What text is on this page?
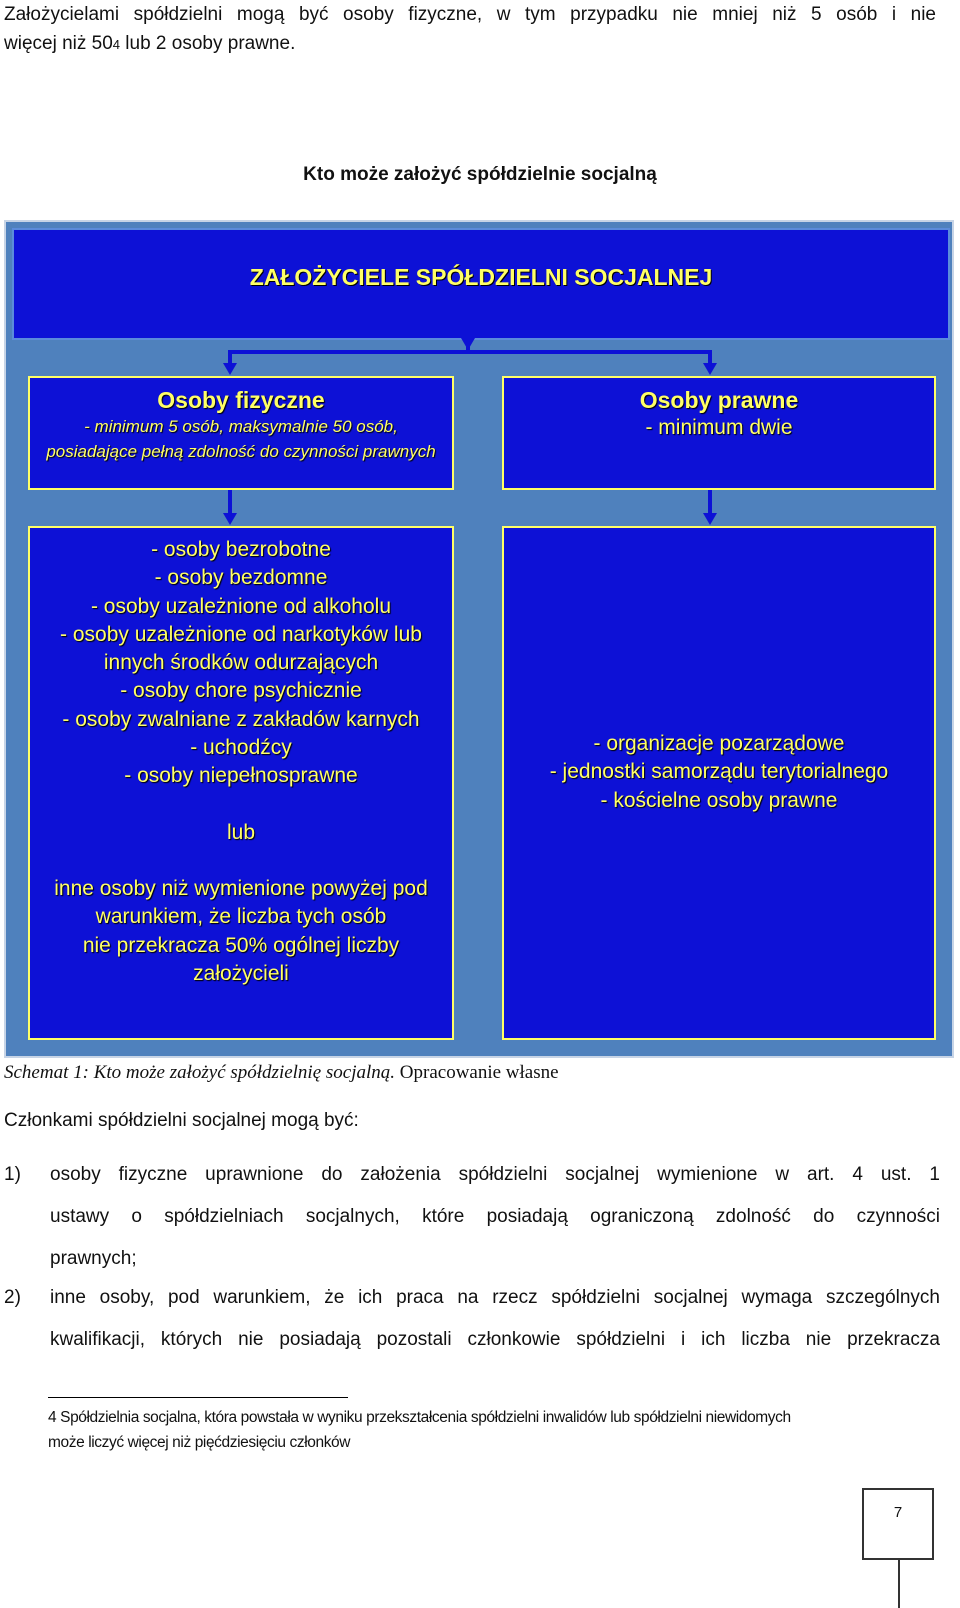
Założycielami spółdzielni mogą być osoby fizyczne, w tym przypadku nie mniej niż 5 osób i nie
więcej niż 504 lub 2 osoby prawne.
Kto może założyć spółdzielnie socjalną
ZAŁOŻYCIELE SPÓŁDZIELNI SOCJALNEJ
Osoby fizyczne
- minimum 5 osób, maksymalnie 50 osób,
posiadające pełną zdolność do czynności prawnych
Osoby prawne
- minimum dwie
- osoby bezrobotne
- osoby bezdomne
- osoby uzależnione od alkoholu
- osoby uzależnione od narkotyków lub
innych środków odurzających
- osoby chore psychicznie
- osoby zwalniane z zakładów karnych
- uchodźcy
- osoby niepełnosprawne
lub
inne osoby niż wymienione powyżej pod
warunkiem, że liczba tych osób
nie przekracza 50% ogólnej liczby
założycieli
- organizacje pozarządowe
- jednostki samorządu terytorialnego
- kościelne osoby prawne
Schemat 1: Kto może założyć spółdzielnię socjalną. Opracowanie własne
Członkami spółdzielni socjalnej mogą być:
1) osoby fizyczne uprawnione do założenia spółdzielni socjalnej wymienione w art. 4 ust. 1
ustawy o spółdzielniach socjalnych, które posiadają ograniczoną zdolność do czynności
prawnych;
2) inne osoby, pod warunkiem, że ich praca na rzecz spółdzielni socjalnej wymaga szczególnych
kwalifikacji, których nie posiadają pozostali członkowie spółdzielni i ich liczba nie przekracza
4 Spółdzielnia socjalna, która powstała w wyniku przekształcenia spółdzielni inwalidów lub spółdzielni niewidomych
może liczyć więcej niż pięćdziesięciu członków
7
